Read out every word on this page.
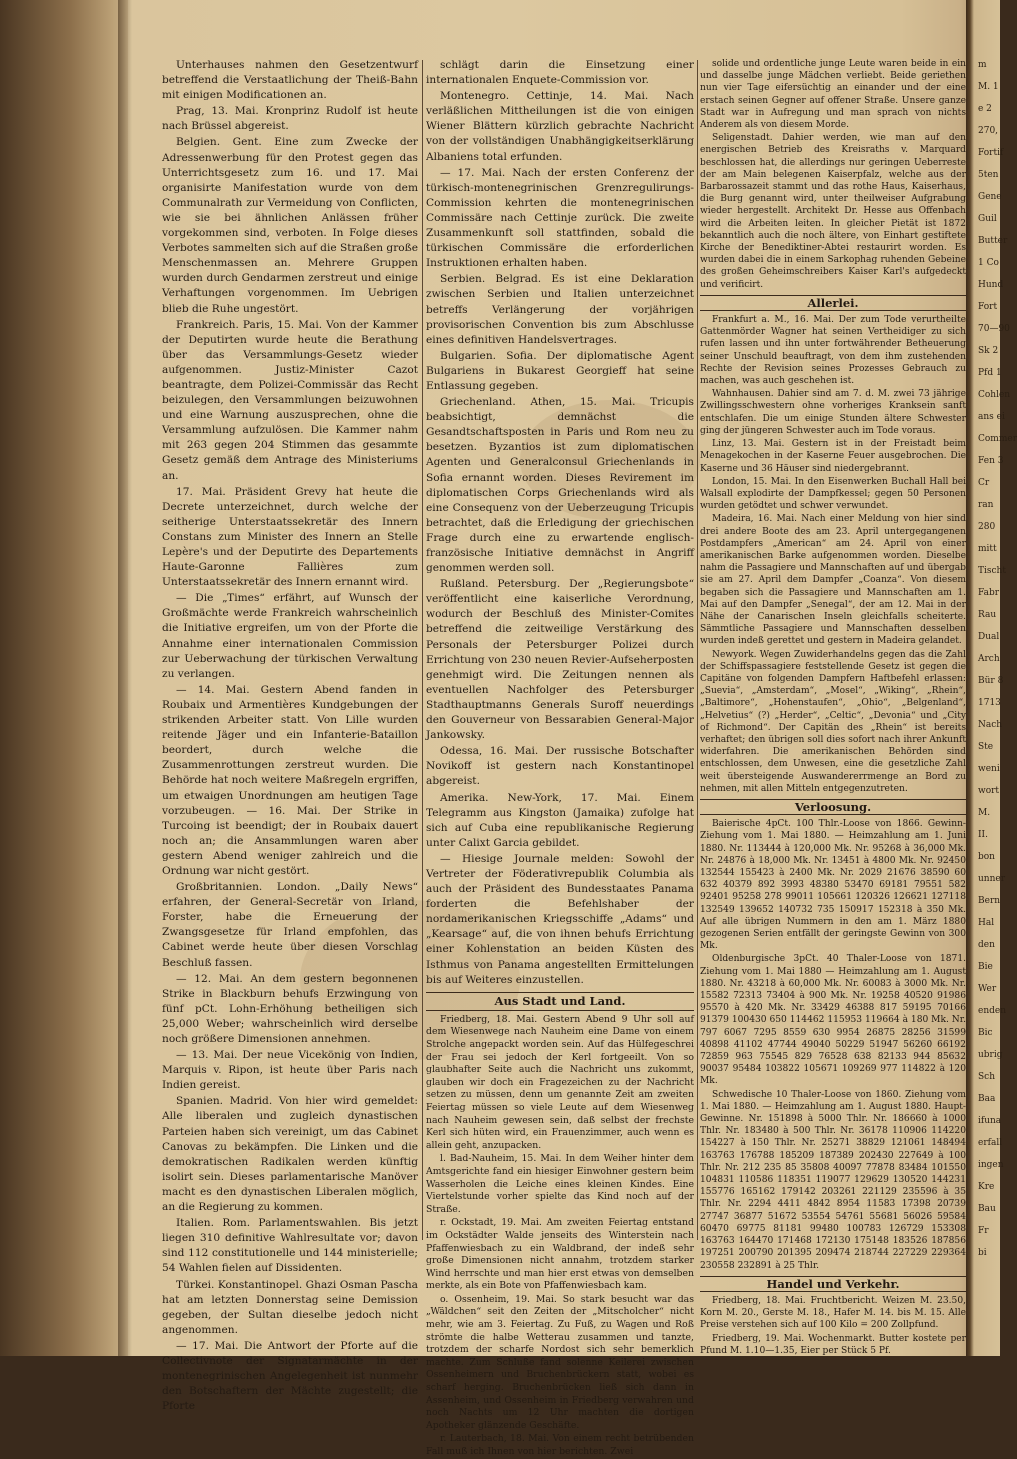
Unterhauses nahmen den Gesetzentwurf betreffend die Verstaatlichung der Theiß-Bahn mit einigen Modificationen an.

Prag, 13. Mai. Kronprinz Rudolf ist heute nach Brüssel abgereist.

Belgien. Gent. Eine zum Zwecke der Adressenwerbung für den Protest gegen das Unterrichtsgesetz zum 16. und 17. Mai organisirte Manifestation wurde von dem Communalrath zur Vermeidung von Conflicten, wie sie bei ähnlichen Anlässen früher vorgekommen sind, verboten. In Folge dieses Verbotes sammelten sich auf die Straßen große Menschenmassen an. Mehrere Gruppen wurden durch Gendarmen zerstreut und einige Verhaftungen vorgenommen. Im Uebrigen blieb die Ruhe ungestört.

Frankreich. Paris, 15. Mai. Von der Kammer der Deputirten wurde heute die Berathung über das Versammlungs-Gesetz wieder aufgenommen. Justiz-Minister Cazot beantragte, dem Polizei-Commissär das Recht beizulegen, den Versammlungen beizuwohnen und eine Warnung auszusprechen, ohne die Versammlung aufzulösen. Die Kammer nahm mit 263 gegen 204 Stimmen das gesammte Gesetz gemäß dem Antrage des Ministeriums an.

17. Mai. Präsident Grevy hat heute die Decrete unterzeichnet, durch welche der seitherige Unterstaatssekretär des Innern Constans zum Minister des Innern an Stelle Lepère's und der Deputirte des Departements Haute-Garonne Fallières zum Unterstaatssekretär des Innern ernannt wird.

— Die „Times“ erfährt, auf Wunsch der Großmächte werde Frankreich wahrscheinlich die Initiative ergreifen, um von der Pforte die Annahme einer internationalen Commission zur Ueberwachung der türkischen Verwaltung zu verlangen.

— 14. Mai. Gestern Abend fanden in Roubaix und Armentières Kundgebungen der strikenden Arbeiter statt. Von Lille wurden reitende Jäger und ein Infanterie-Bataillon beordert, durch welche die Zusammenrottungen zerstreut wurden. Die Behörde hat noch weitere Maßregeln ergriffen, um etwaigen Unordnungen am heutigen Tage vorzubeugen. — 16. Mai. Der Strike in Turcoing ist beendigt; der in Roubaix dauert noch an; die Ansammlungen waren aber gestern Abend weniger zahlreich und die Ordnung war nicht gestört.

Großbritannien. London. „Daily News“ erfahren, der General-Secretär von Irland, Forster, habe die Erneuerung der Zwangsgesetze für Irland empfohlen, das Cabinet werde heute über diesen Vorschlag Beschluß fassen.

— 12. Mai. An dem gestern begonnenen Strike in Blackburn behufs Erzwingung von fünf pCt. Lohn-Erhöhung betheiligen sich 25,000 Weber; wahrscheinlich wird derselbe noch größere Dimensionen annehmen.

— 13. Mai. Der neue Vicekönig von Indien, Marquis v. Ripon, ist heute über Paris nach Indien gereist.

Spanien. Madrid. Von hier wird gemeldet: Alle liberalen und zugleich dynastischen Parteien haben sich vereinigt, um das Cabinet Canovas zu bekämpfen. Die Linken und die demokratischen Radikalen werden künftig isolirt sein. Dieses parlamentarische Manöver macht es den dynastischen Liberalen möglich, an die Regierung zu kommen.

Italien. Rom. Parlamentswahlen. Bis jetzt liegen 310 definitive Wahlresultate vor; davon sind 112 constitutionelle und 144 ministerielle; 54 Wahlen fielen auf Dissidenten.

Türkei. Konstantinopel. Ghazi Osman Pascha hat am letzten Donnerstag seine Demission gegeben, der Sultan dieselbe jedoch nicht angenommen.

— 17. Mai. Die Antwort der Pforte auf die Collectivnote der Signatarmächte in der montenegrinischen Angelegenheit ist nunmehr den Botschaftern der Mächte zugestellt; die Pforte

schlägt darin die Einsetzung einer internationalen Enquete-Commission vor.

Montenegro. Cettinje, 14. Mai. Nach verläßlichen Mittheilungen ist die von einigen Wiener Blättern kürzlich gebrachte Nachricht von der vollständigen Unabhängigkeitserklärung Albaniens total erfunden.

— 17. Mai. Nach der ersten Conferenz der türkisch-montenegrinischen Grenzregulirungs-Commission kehrten die montenegrinischen Commissäre nach Cettinje zurück. Die zweite Zusammenkunft soll stattfinden, sobald die türkischen Commissäre die erforderlichen Instruktionen erhalten haben.

Serbien. Belgrad. Es ist eine Deklaration zwischen Serbien und Italien unterzeichnet betreffs Verlängerung der vorjährigen provisorischen Convention bis zum Abschlusse eines definitiven Handelsvertrages.

Bulgarien. Sofia. Der diplomatische Agent Bulgariens in Bukarest Georgieff hat seine Entlassung gegeben.

Griechenland. Athen, 15. Mai. Tricupis beabsichtigt, demnächst die Gesandtschaftsposten in Paris und Rom neu zu besetzen. Byzantios ist zum diplomatischen Agenten und Generalconsul Griechenlands in Sofia ernannt worden. Dieses Revirement im diplomatischen Corps Griechenlands wird als eine Consequenz von der Ueberzeugung Tricupis betrachtet, daß die Erledigung der griechischen Frage durch eine zu erwartende englisch-französische Initiative demnächst in Angriff genommen werden soll.

Rußland. Petersburg. Der „Regierungsbote“ veröffentlicht eine kaiserliche Verordnung, wodurch der Beschluß des Minister-Comites betreffend die zeitweilige Verstärkung des Personals der Petersburger Polizei durch Errichtung von 230 neuen Revier-Aufseherposten genehmigt wird. Die Zeitungen nennen als eventuellen Nachfolger des Petersburger Stadthauptmanns Generals Suroff neuerdings den Gouverneur von Bessarabien General-Major Jankowsky.

Odessa, 16. Mai. Der russische Botschafter Novikoff ist gestern nach Konstantinopel abgereist.

Amerika. New-York, 17. Mai. Einem Telegramm aus Kingston (Jamaika) zufolge hat sich auf Cuba eine republikanische Regierung unter Calixt Garcia gebildet.

— Hiesige Journale melden: Sowohl der Vertreter der Föderativrepublik Columbia als auch der Präsident des Bundesstaates Panama forderten die Befehlshaber der nordamerikanischen Kriegsschiffe „Adams“ und „Kearsage“ auf, die von ihnen behufs Errichtung einer Kohlenstation an beiden Küsten des Isthmus von Panama angestellten Ermittelungen bis auf Weiteres einzustellen.

Aus Stadt und Land.

Friedberg, 18. Mai. Gestern Abend 9 Uhr soll auf dem Wiesenwege nach Nauheim eine Dame von einem Strolche angepackt worden sein. Auf das Hülfegeschrei der Frau sei jedoch der Kerl fortgeeilt. Von so glaubhafter Seite auch die Nachricht uns zukommt, glauben wir doch ein Fragezeichen zu der Nachricht setzen zu müssen, denn um genannte Zeit am zweiten Feiertag müssen so viele Leute auf dem Wiesenweg nach Nauheim gewesen sein, daß selbst der frechste Kerl sich hüten wird, ein Frauenzimmer, auch wenn es allein geht, anzupacken.

l. Bad-Nauheim, 15. Mai. In dem Weiher hinter dem Amtsgerichte fand ein hiesiger Einwohner gestern beim Wasserholen die Leiche eines kleinen Kindes. Eine Viertelstunde vorher spielte das Kind noch auf der Straße.

r. Ockstadt, 19. Mai. Am zweiten Feiertag entstand im Ockstädter Walde jenseits des Winterstein nach Pfaffenwiesbach zu ein Waldbrand, der indeß sehr große Dimensionen nicht annahm, trotzdem starker Wind herrschte und man hier erst etwas von demselben merkte, als ein Bote von Pfaffenwiesbach kam.

o. Ossenheim, 19. Mai. So stark besucht war das „Wäldchen“ seit den Zeiten der „Mitscholcher“ nicht mehr, wie am 3. Feiertag. Zu Fuß, zu Wagen und Roß strömte die halbe Wetterau zusammen und tanzte, trotzdem der scharfe Nordost sich sehr bemerklich machte. Zum Schluße fand solenne Keilerei zwischen Ossenheimern und Bruchenbrückern statt, wobei es scharf herging. Bruchenbrücken ließ sich dann in Assenheim, und Ossenheim in Friedberg verwahren und noch Nachts um 12 Uhr machten die dortigen Apotheker glänzende Geschäfte.

r. Lauterbach, 18. Mai. Von einem recht betrübenden Fall muß ich Ihnen von hier berichten. Zwei

solide und ordentliche junge Leute waren beide in ein und dasselbe junge Mädchen verliebt. Beide geriethen nun vier Tage eifersüchtig an einander und der eine erstach seinen Gegner auf offener Straße. Unsere ganze Stadt war in Aufregung und man sprach von nichts Anderem als von diesem Morde.

Seligenstadt. Dahier werden, wie man auf den energischen Betrieb des Kreisraths v. Marquard beschlossen hat, die allerdings nur geringen Ueberreste der am Main belegenen Kaiserpfalz, welche aus der Barbarossazeit stammt und das rothe Haus, Kaiserhaus, die Burg genannt wird, unter theilweiser Aufgrabung wieder hergestellt. Architekt Dr. Hesse aus Offenbach wird die Arbeiten leiten. In gleicher Pietät ist 1872 bekanntlich auch die noch ältere, von Einhart gestiftete Kirche der Benediktiner-Abtei restaurirt worden. Es wurden dabei die in einem Sarkophag ruhenden Gebeine des großen Geheimschreibers Kaiser Karl's aufgedeckt und verificirt.

Allerlei.

Frankfurt a. M., 16. Mai. Der zum Tode verurtheilte Gattenmörder Wagner hat seinen Vertheidiger zu sich rufen lassen und ihn unter fortwährender Betheuerung seiner Unschuld beauftragt, von dem ihm zustehenden Rechte der Revision seines Prozesses Gebrauch zu machen, was auch geschehen ist.

Wahnhausen. Dahier sind am 7. d. M. zwei 73 jährige Zwillingsschwestern ohne vorheriges Kranksein sanft entschlafen. Die um einige Stunden ältere Schwester ging der jüngeren Schwester auch im Tode voraus.

Linz, 13. Mai. Gestern ist in der Freistadt beim Menagekochen in der Kaserne Feuer ausgebrochen. Die Kaserne und 36 Häuser sind niedergebrannt.

London, 15. Mai. In den Eisenwerken Buchall Hall bei Walsall explodirte der Dampfkessel; gegen 50 Personen wurden getödtet und schwer verwundet.

Madeira, 16. Mai. Nach einer Meldung von hier sind drei andere Boote des am 23. April untergegangenen Postdampfers „American“ am 24. April von einer amerikanischen Barke aufgenommen worden. Dieselbe nahm die Passagiere und Mannschaften auf und übergab sie am 27. April dem Dampfer „Coanza“. Von diesem begaben sich die Passagiere und Mannschaften am 1. Mai auf den Dampfer „Senegal“, der am 12. Mai in der Nähe der Canarischen Inseln gleichfalls scheiterte. Sämmtliche Passagiere und Mannschaften desselben wurden indeß gerettet und gestern in Madeira gelandet.

Newyork. Wegen Zuwiderhandelns gegen das die Zahl der Schiffspassagiere feststellende Gesetz ist gegen die Capitäne von folgenden Dampfern Haftbefehl erlassen: „Suevia“, „Amsterdam“, „Mosel“, „Wiking“, „Rhein“, „Baltimore“, „Hohenstaufen“, „Ohio“, „Belgenland“, „Helvetius“ (?) „Herder“, „Celtic“, „Devonia“ und „City of Richmond“. Der Capitän des „Rhein“ ist bereits verhaftet; den übrigen soll dies sofort nach ihrer Ankunft widerfahren. Die amerikanischen Behörden sind entschlossen, dem Unwesen, eine die gesetzliche Zahl weit übersteigende Auswandererrmenge an Bord zu nehmen, mit allen Mitteln entgegenzutreten.

Verloosung.

Baierische 4pCt. 100 Thlr.-Loose von 1866. Gewinn-Ziehung vom 1. Mai 1880. — Heimzahlung am 1. Juni 1880. Nr. 113444 à 120,000 Mk. Nr. 95268 à 36,000 Mk. Nr. 24876 à 18,000 Mk. Nr. 13451 à 4800 Mk. Nr. 92450 132544 155423 à 2400 Mk. Nr. 2029 21676 38590 60 632 40379 892 3993 48380 53470 69181 79551 582 92401 95258 278 99011 105661 120326 126621 127118 132549 139652 140732 735 150917 152318 à 350 Mk. Auf alle übrigen Nummern in den am 1. März 1880 gezogenen Serien entfällt der geringste Gewinn von 300 Mk.

Oldenburgische 3pCt. 40 Thaler-Loose von 1871. Ziehung vom 1. Mai 1880 — Heimzahlung am 1. August 1880. Nr. 43218 à 60,000 Mk. Nr. 60083 à 3000 Mk. Nr. 15582 72313 73404 à 900 Mk. Nr. 19258 40520 91986 95570 à 420 Mk. Nr. 33429 46388 817 59195 70166 91379 100430 650 114462 115953 119664 à 180 Mk. Nr. 797 6067 7295 8559 630 9954 26875 28256 31599 40898 41102 47744 49040 50229 51947 56260 66192 72859 963 75545 829 76528 638 82133 944 85632 90037 95484 103822 105671 109269 977 114822 à 120 Mk.

Schwedische 10 Thaler-Loose von 1860. Ziehung vom 1. Mai 1880. — Heimzahlung am 1. August 1880. Haupt-Gewinne. Nr. 151898 à 5000 Thlr. Nr. 186660 à 1000 Thlr. Nr. 183480 à 500 Thlr. Nr. 36178 110906 114220 154227 à 150 Thlr. Nr. 25271 38829 121061 148494 163763 176788 185209 187389 202430 227649 à 100 Thlr. Nr. 212 235 85 35808 40097 77878 83484 101550 104831 110586 118351 119077 129629 130520 144231 155776 165162 179142 203261 221129 235596 à 35 Thlr. Nr. 2294 4411 4842 8954 11583 17398 20739 27747 36877 51672 53554 54761 55681 56026 59584 60470 69775 81181 99480 100783 126729 153308 163763 164470 171468 172130 175148 183526 187856 197251 200790 201395 209474 218744 227229 229364 230558 232891 à 25 Thlr.

Handel und Verkehr.

Friedberg, 18. Mai. Fruchtbericht. Weizen M. 23.50, Korn M. 20., Gerste M. 18., Hafer M. 14. bis M. 15. Alle Preise verstehen sich auf 100 Kilo = 200 Zollpfund.

Friedberg, 19. Mai. Wochenmarkt. Butter kostete per Pfund M. 1.10—1.35, Eier per Stück 5 Pf.

m
M. 1
e 2
270,
Fortif
5ten
Gene
Guil
Butter
1 Co
Hund
Fort
70—90
Sk 2
Pfd 1
Cohlen
ans ei
Commer
Fen 3
Cr
ran
280
mitt
Tischt
Fabr
Rau
Dual
Arch
Bür 8
1713
Nach
Ste
weni
wort
M.
II.
bon
unner
Bern
Hal
den
Bie
Wer
enden
Bic
ubrig
Sch
Baa
ifuna
erfall
ingen
Kre
Bau
Fr
bi
